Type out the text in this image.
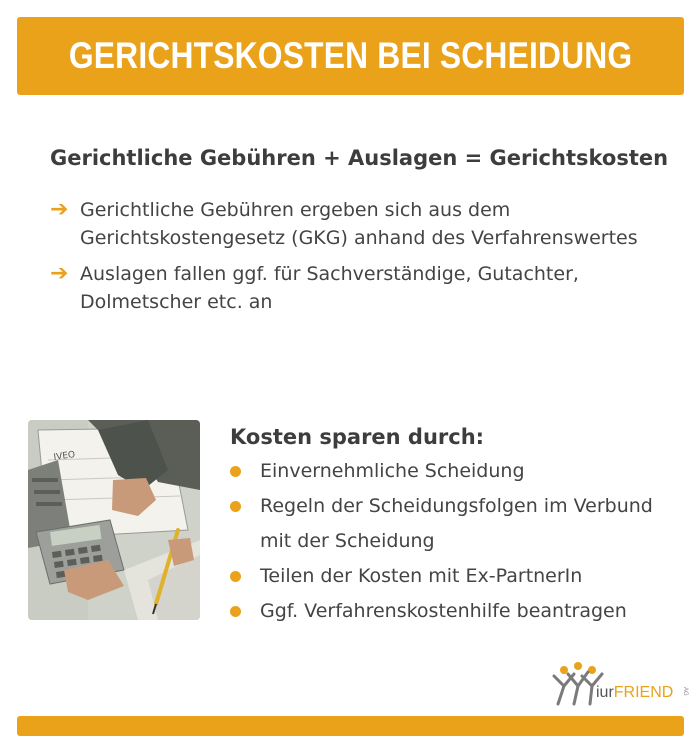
GERICHTSKOSTEN BEI SCHEIDUNG
Gerichtliche Gebühren + Auslagen = Gerichtskosten
➔ Gerichtliche Gebühren ergeben sich aus dem Gerichtskostengesetz (GKG) anhand des Verfahrenswertes
➔ Auslagen fallen ggf. für Sachverständige, Gutachter, Dolmetscher etc. an
IVEO
Kosten sparen durch:
Einvernehmliche Scheidung
Regeln der Scheidungsfolgen im Verbund mit der Scheidung
Teilen der Kosten mit Ex-PartnerIn
Ggf. Verfahrenskostenhilfe beantragen
iurFRIEND AG
